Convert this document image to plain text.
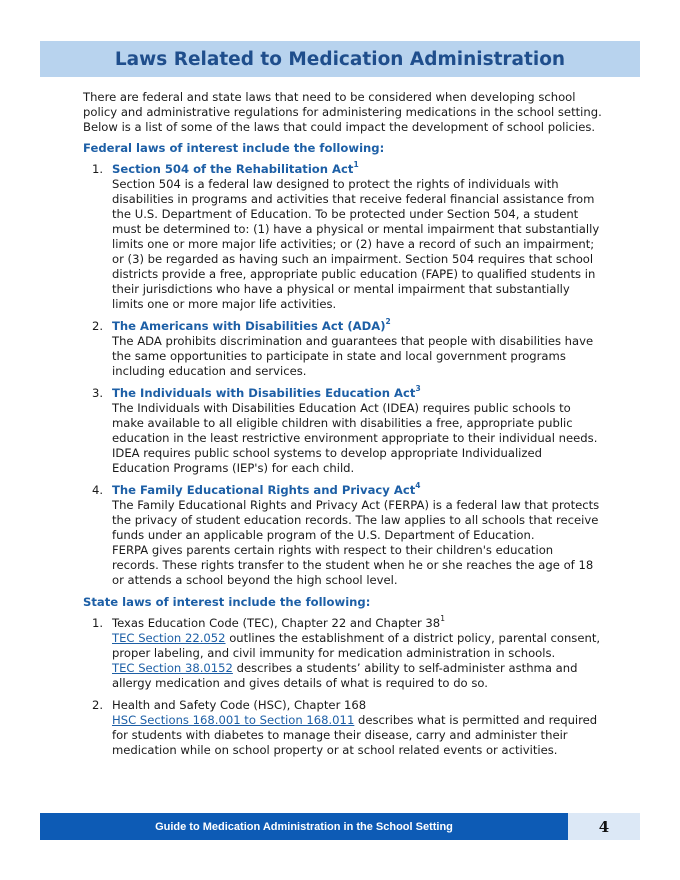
Laws Related to Medication Administration

There are federal and state laws that need to be considered when developing school policy and administrative regulations for administering medications in the school setting. Below is a list of some of the laws that could impact the development of school policies.

Federal laws of interest include the following:
1. Section 504 of the Rehabilitation Act$^1$
Section 504 is a federal law designed to protect the rights of individuals with disabilities in programs and activities that receive federal financial assistance from the U.S. Department of Education. To be protected under Section 504, a student must be determined to: (1) have a physical or mental impairment that substantially limits one or more major life activities; or (2) have a record of such an impairment; or (3) be regarded as having such an impairment. Section 504 requires that school districts provide a free, appropriate public education (FAPE) to qualified students in their jurisdictions who have a physical or mental impairment that substantially limits one or more major life activities.
2. The Americans with Disabilities Act (ADA)$^2$
The ADA prohibits discrimination and guarantees that people with disabilities have the same opportunities to participate in state and local government programs including education and services.
3. The Individuals with Disabilities Education Act$^3$
The Individuals with Disabilities Education Act (IDEA) requires public schools to make available to all eligible children with disabilities a free, appropriate public education in the least restrictive environment appropriate to their individual needs. IDEA requires public school systems to develop appropriate Individualized Education Programs (IEP's) for each child.
4. The Family Educational Rights and Privacy Act$^4$
The Family Educational Rights and Privacy Act (FERPA) is a federal law that protects the privacy of student education records. The law applies to all schools that receive funds under an applicable program of the U.S. Department of Education.
FERPA gives parents certain rights with respect to their children's education records. These rights transfer to the student when he or she reaches the age of 18 or attends a school beyond the high school level.
State laws of interest include the following:
1. Texas Education Code (TEC), Chapter 22 and Chapter $38^1$
TEC Section 22.052 outlines the establishment of a district policy, parental consent, proper labeling, and civil immunity for medication administration in schools.
TEC Section 38.0152 describes a students’ ability to self-administer asthma and allergy medication and gives details of what is required to do so.
2. Health and Safety Code (HSC), Chapter 168
HSC Sections 168.001 to Section 168.011 describes what is permitted and required for students with diabetes to manage their disease, carry and administer their medication while on school property or at school related events or activities.
Guide to Medication Administration in the School Setting	4
